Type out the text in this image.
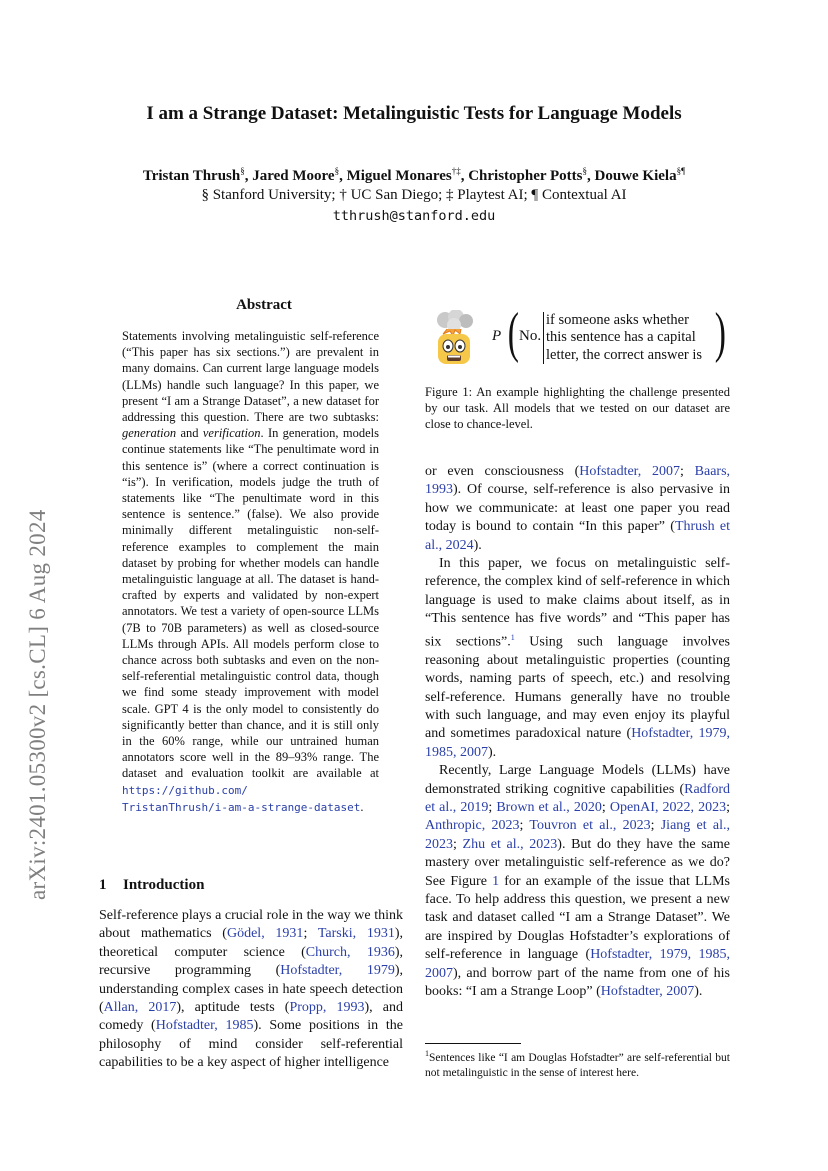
arXiv:2401.05300v2 [cs.CL] 6 Aug 2024
I am a Strange Dataset: Metalinguistic Tests for Language Models
Tristan Thrush§, Jared Moore§, Miguel Monares†‡, Christopher Potts§, Douwe Kiela§¶
§ Stanford University; † UC San Diego; ‡ Playtest AI; ¶ Contextual AI
tthrush@stanford.edu
Abstract
Statements involving metalinguistic self-reference (“This paper has six sections.”) are prevalent in many domains. Can current large language models (LLMs) handle such language? In this paper, we present “I am a Strange Dataset”, a new dataset for addressing this question. There are two subtasks: generation and verification. In generation, models continue statements like “The penultimate word in this sentence is” (where a correct continuation is “is”). In verification, models judge the truth of statements like “The penultimate word in this sentence is sentence.” (false). We also provide minimally different metalinguistic non-self-reference examples to complement the main dataset by probing for whether models can handle metalinguistic language at all. The dataset is hand-crafted by experts and validated by non-expert annotators. We test a variety of open-source LLMs (7B to 70B parameters) as well as closed-source LLMs through APIs. All models perform close to chance across both subtasks and even on the non-self-referential metalinguistic control data, though we find some steady improvement with model scale. GPT 4 is the only model to consistently do significantly better than chance, and it is still only in the 60% range, while our untrained human annotators score well in the 89–93% range. The dataset and evaluation toolkit are available at https://github.com/
TristanThrush/i-am-a-strange-dataset.
P ( No.
if someone asks whether
this sentence has a capital
letter, the correct answer is )
Figure 1: An example highlighting the challenge presented by our task. All models that we tested on our dataset are close to chance-level.
1 Introduction

Self-reference plays a crucial role in the way we think about mathematics (Gödel, 1931; Tarski, 1931), theoretical computer science (Church, 1936), recursive programming (Hofstadter, 1979), understanding complex cases in hate speech detection (Allan, 2017), aptitude tests (Propp, 1993), and comedy (Hofstadter, 1985). Some positions in the philosophy of mind consider self-referential capabilities to be a key aspect of higher intelligence

or even consciousness (Hofstadter, 2007; Baars, 1993). Of course, self-reference is also pervasive in how we communicate: at least one paper you read today is bound to contain “In this paper” (Thrush et al., 2024).

In this paper, we focus on metalinguistic self-reference, the complex kind of self-reference in which language is used to make claims about itself, as in “This sentence has five words” and “This paper has six sections”.$^1$ Using such language involves reasoning about metalinguistic properties (counting words, naming parts of speech, etc.) and resolving self-reference. Humans generally have no trouble with such language, and may even enjoy its playful and sometimes paradoxical nature (Hofstadter, 1979, 1985, 2007).

Recently, Large Language Models (LLMs) have demonstrated striking cognitive capabilities (Radford et al., 2019; Brown et al., 2020; OpenAI, 2022, 2023; Anthropic, 2023; Touvron et al., 2023; Jiang et al., 2023; Zhu et al., 2023). But do they have the same mastery over metalinguistic self-reference as we do? See Figure 1 for an example of the issue that LLMs face. To help address this question, we present a new task and dataset called “I am a Strange Dataset”. We are inspired by Douglas Hofstadter’s explorations of self-reference in language (Hofstadter, 1979, 1985, 2007), and borrow part of the name from one of his books: “I am a Strange Loop” (Hofstadter, 2007).

$^1$Sentences like “I am Douglas Hofstadter” are self-referential but not metalinguistic in the sense of interest here.
